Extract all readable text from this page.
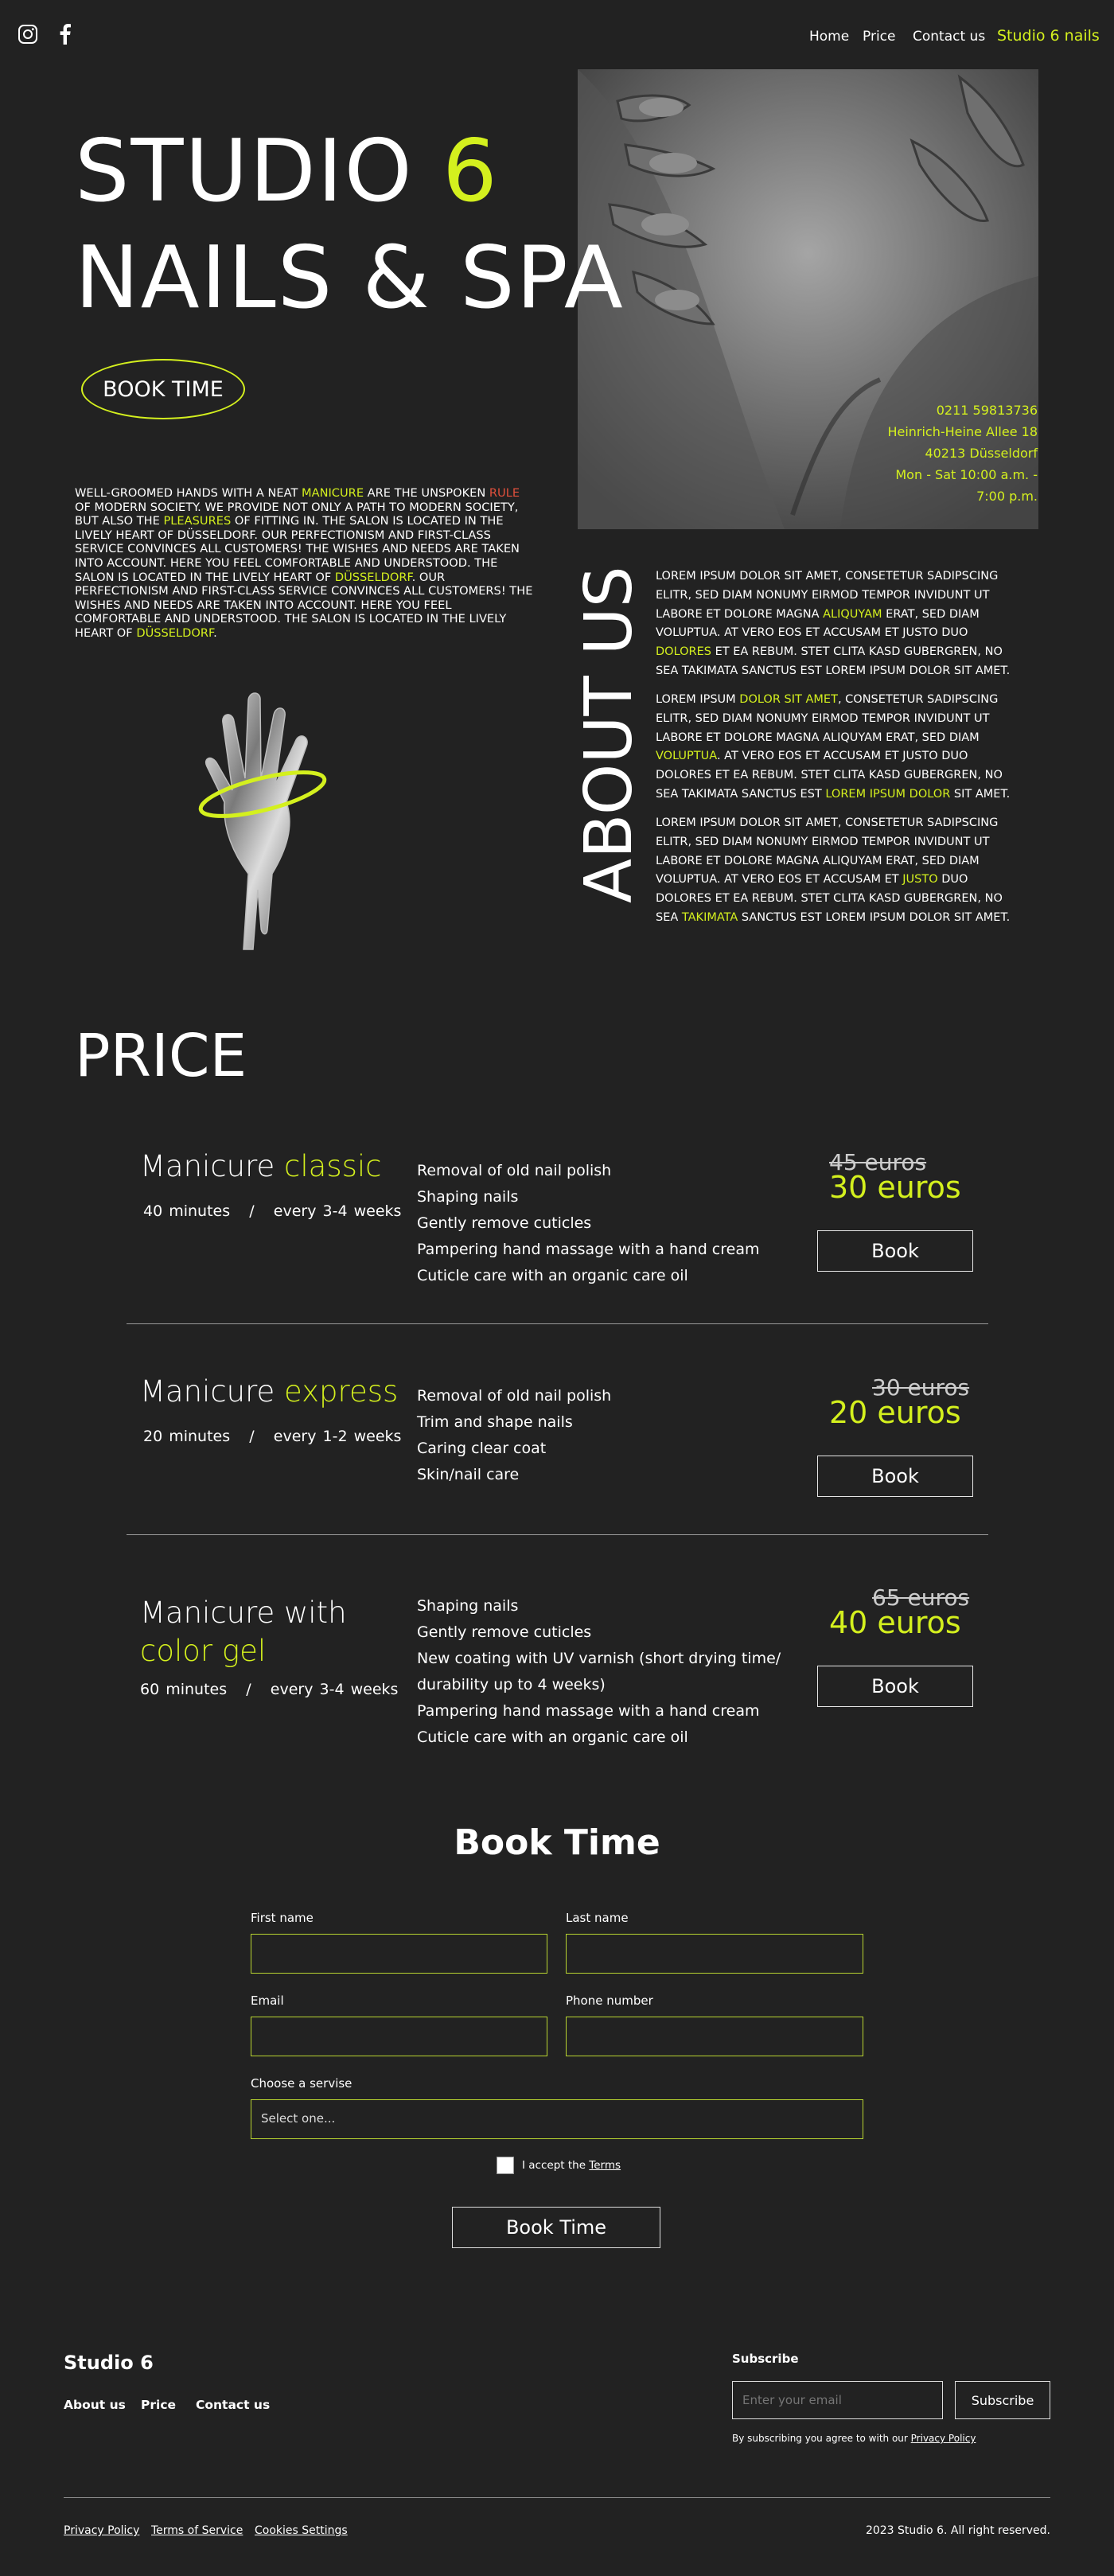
Home Price Contact us Studio 6 nails
STUDIO 6
NAILS & SPA
BOOK TIME
0211 59813736
Heinrich-Heine Allee 18
40213 Düsseldorf
Mon - Sat 10:00 a.m. -
7:00 p.m.

WELL-GROOMED HANDS WITH A NEAT MANICURE ARE THE UNSPOKEN RULE OF MODERN SOCIETY. WE PROVIDE NOT ONLY A PATH TO MODERN SOCIETY, BUT ALSO THE PLEASURES OF FITTING IN. THE SALON IS LOCATED IN THE LIVELY HEART OF DÜSSELDORF. OUR PERFECTIONISM AND FIRST-CLASS SERVICE CONVINCES ALL CUSTOMERS! THE WISHES AND NEEDS ARE TAKEN INTO ACCOUNT. HERE YOU FEEL COMFORTABLE AND UNDERSTOOD. THE SALON IS LOCATED IN THE LIVELY HEART OF DÜSSELDORF. OUR PERFECTIONISM AND FIRST-CLASS SERVICE CONVINCES ALL CUSTOMERS! THE WISHES AND NEEDS ARE TAKEN INTO ACCOUNT. HERE YOU FEEL COMFORTABLE AND UNDERSTOOD. THE SALON IS LOCATED IN THE LIVELY HEART OF DÜSSELDORF.	ABOUT US LOREM IPSUM DOLOR SIT AMET, CONSETETUR SADIPSCING ELITR, SED DIAM NONUMY EIRMOD TEMPOR INVIDUNT UT LABORE ET DOLORE MAGNA ALIQUYAM ERAT, SED DIAM VOLUPTUA. AT VERO EOS ET ACCUSAM ET JUSTO DUO DOLORES ET EA REBUM. STET CLITA KASD GUBERGREN, NO SEA TAKIMATA SANCTUS EST LOREM IPSUM DOLOR SIT AMET.

LOREM IPSUM DOLOR SIT AMET, CONSETETUR SADIPSCING ELITR, SED DIAM NONUMY EIRMOD TEMPOR INVIDUNT UT LABORE ET DOLORE MAGNA ALIQUYAM ERAT, SED DIAM VOLUPTUA. AT VERO EOS ET ACCUSAM ET JUSTO DUO DOLORES ET EA REBUM. STET CLITA KASD GUBERGREN, NO SEA TAKIMATA SANCTUS EST LOREM IPSUM DOLOR SIT AMET.

LOREM IPSUM DOLOR SIT AMET, CONSETETUR SADIPSCING ELITR, SED DIAM NONUMY EIRMOD TEMPOR INVIDUNT UT LABORE ET DOLORE MAGNA ALIQUYAM ERAT, SED DIAM VOLUPTUA. AT VERO EOS ET ACCUSAM ET JUSTO DUO DOLORES ET EA REBUM. STET CLITA KASD GUBERGREN, NO SEA TAKIMATA SANCTUS EST LOREM IPSUM DOLOR SIT AMET.

PRICE
Manicure classic
40 minutes / every 3-4 weeks
Removal of old nail polish
Shaping nails
Gently remove cuticles
Pampering hand massage with a hand cream
Cuticle care with an organic care oil
45 euros
30 euros
Book
Manicure express
20 minutes / every 1-2 weeks
Removal of old nail polish
Trim and shape nails
Caring clear coat
Skin/nail care
30 euros
20 euros
Book
Manicure with
color gel
60 minutes / every 3-4 weeks
Shaping nails
Gently remove cuticles
New coating with UV varnish (short drying time/
durability up to 4 weeks)
Pampering hand massage with a hand cream
Cuticle care with an organic care oil
65 euros
40 euros
Book
Book Time
First name	Last name
Email	Phone number
Choose a servise
Select one...
I accept the Terms
Book Time
Studio 6
About us Price Contact us
Subscribe
Enter your email
Subscribe
By subscribing you agree to with our Privacy Policy
Privacy Policy Terms of Service Cookies Settings	2023 Studio 6. All right reserved.
